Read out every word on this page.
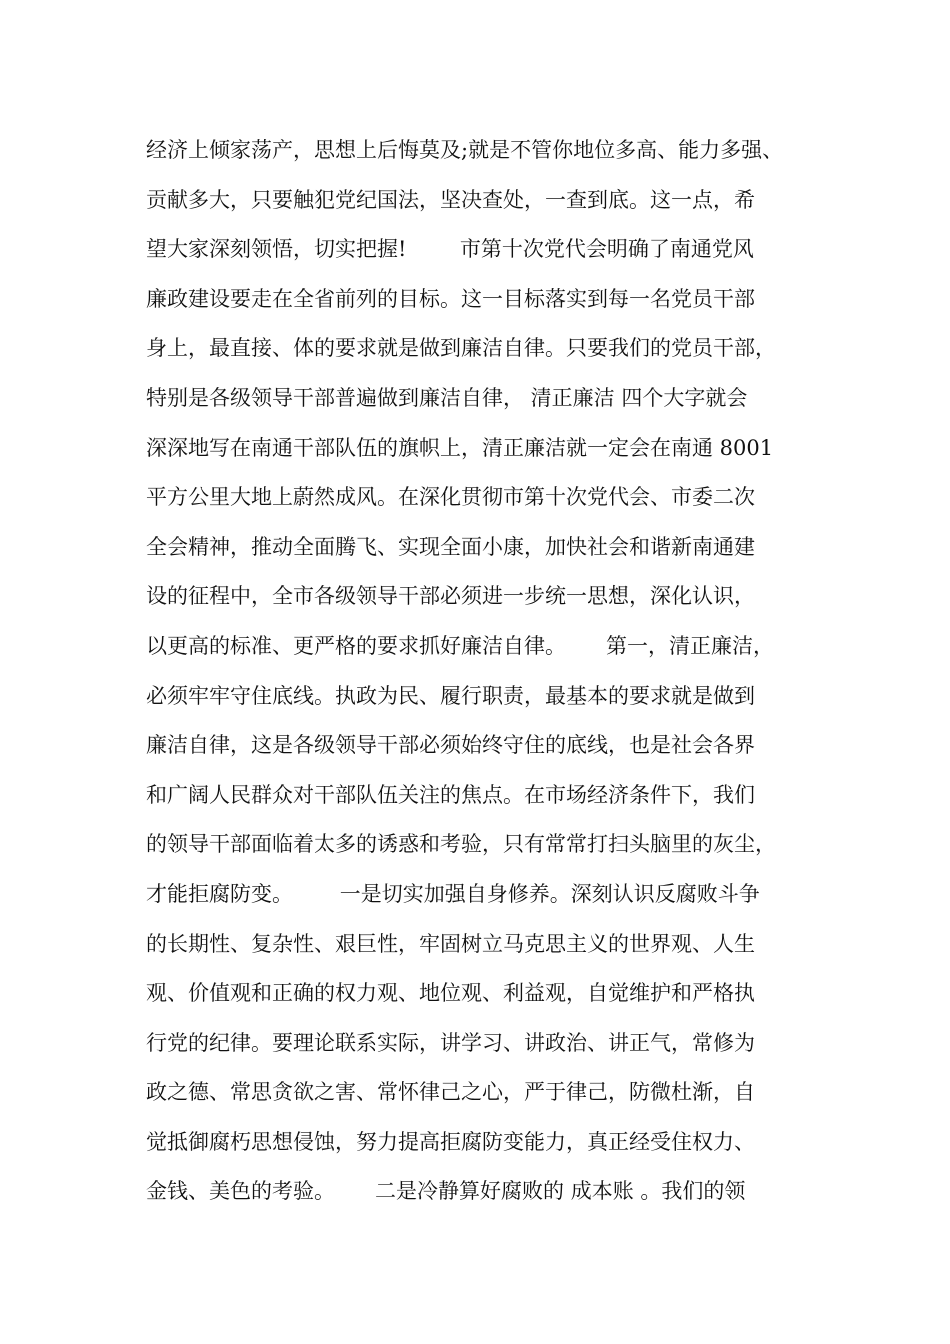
经济上倾家荡产，思想上后悔莫及;就是不管你地位多高、能力多强、
贡献多大，只要触犯党纪国法，坚决查处，一查到底。这一点，希
望大家深刻领悟，切实把握!        市第十次党代会明确了南通党风
廉政建设要走在全省前列的目标。这一目标落实到每一名党员干部
身上，最直接、体的要求就是做到廉洁自律。只要我们的党员干部，
特别是各级领导干部普遍做到廉洁自律， 清正廉洁 四个大字就会
深深地写在南通干部队伍的旗帜上，清正廉洁就一定会在南通 8001
平方公里大地上蔚然成风。在深化贯彻市第十次党代会、市委二次
全会精神，推动全面腾飞、实现全面小康，加快社会和谐新南通建
设的征程中，全市各级领导干部必须进一步统一思想，深化认识，
以更高的标准、更严格的要求抓好廉洁自律。      第一，清正廉洁，
必须牢牢守住底线。执政为民、履行职责，最基本的要求就是做到
廉洁自律，这是各级领导干部必须始终守住的底线，也是社会各界
和广阔人民群众对干部队伍关注的焦点。在市场经济条件下，我们
的领导干部面临着太多的诱惑和考验，只有常常打扫头脑里的灰尘，
才能拒腐防变。       一是切实加强自身修养。深刻认识反腐败斗争
的长期性、复杂性、艰巨性，牢固树立马克思主义的世界观、人生
观、价值观和正确的权力观、地位观、利益观，自觉维护和严格执
行党的纪律。要理论联系实际，讲学习、讲政治、讲正气，常修为
政之德、常思贪欲之害、常怀律己之心，严于律己，防微杜渐，自
觉抵御腐朽思想侵蚀，努力提高拒腐防变能力，真正经受住权力、
金钱、美色的考验。      二是冷静算好腐败的 成本账 。我们的领
